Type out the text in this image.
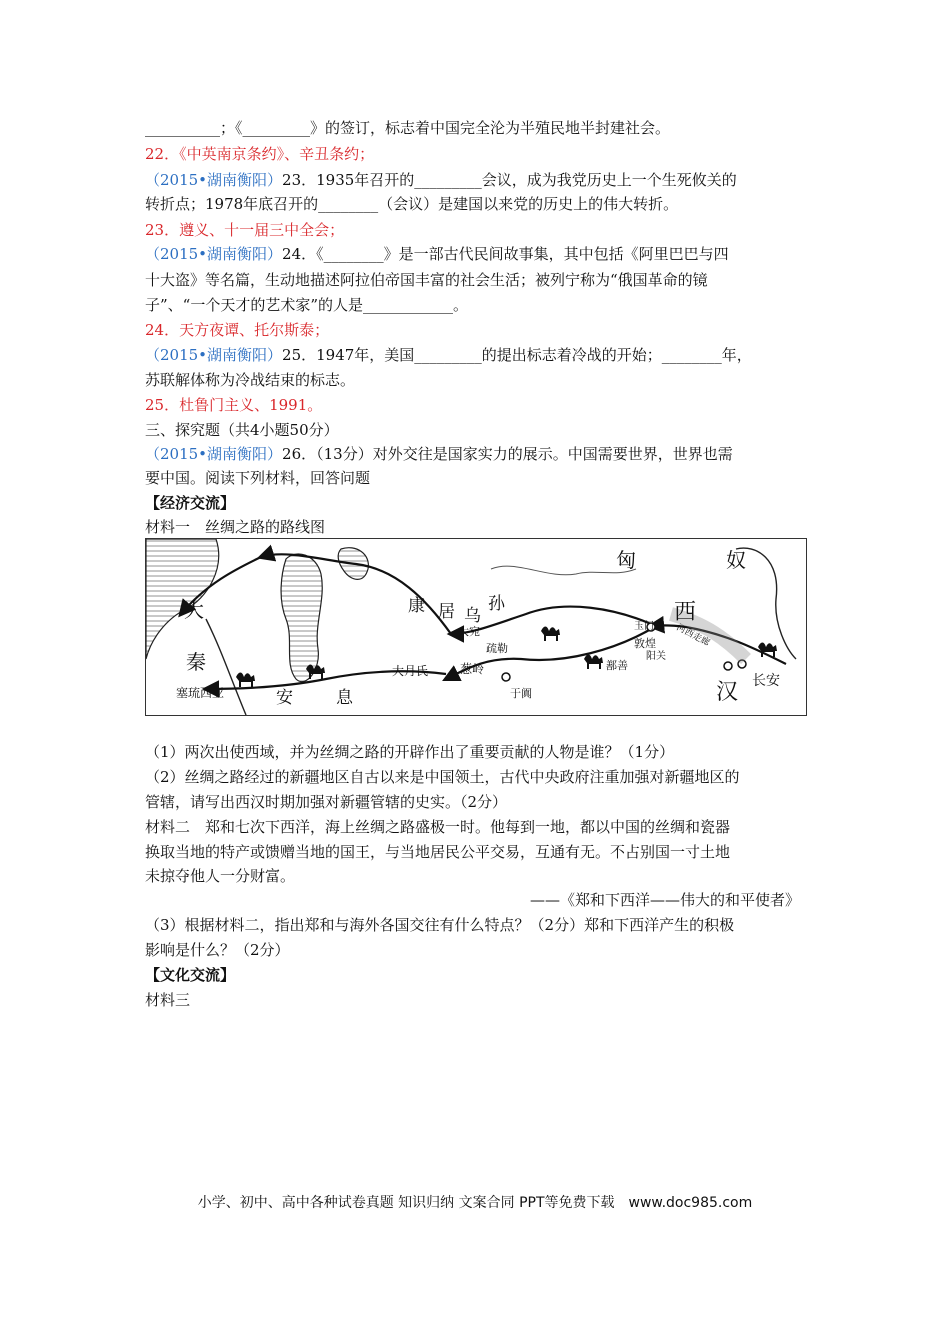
__________；《_________》的签订，标志着中国完全沦为半殖民地半封建社会。
22．《中英南京条约》、辛丑条约；
（2015•湖南衡阳）23．1935年召开的_________会议，成为我党历史上一个生死攸关的
转折点；1978年底召开的________（会议）是建国以来党的历史上的伟大转折。
23．遵义、十一届三中全会；
（2015•湖南衡阳）24．《________》是一部古代民间故事集，其中包括《阿里巴巴与四
十大盗》等名篇，生动地描述阿拉伯帝国丰富的社会生活；被列宁称为“俄国革命的镜
子”、“一个天才的艺术家”的人是____________。
24．天方夜谭、托尔斯泰；
（2015•湖南衡阳）25．1947年，美国_________的提出标志着冷战的开始；________年，
苏联解体称为冷战结束的标志。
25．杜鲁门主义、1991。
三、探究题（共4小题50分）
（2015•湖南衡阳）26．（13分）对外交往是国家实力的展示。中国需要世界，世界也需
要中国。阅读下列材料，回答问题
【经济交流】
材料一　丝绸之路的路线图
匈	奴
大
秦
康 居 乌
孙
大宛
疏勒
大月氏	葱岭
于阗
鄯善
玉门关
敦煌
阳关
河西走廊
西
汉 长安
安	息
塞琉西亚
（1）两次出使西域，并为丝绸之路的开辟作出了重要贡献的人物是谁？（1分）
（2）丝绸之路经过的新疆地区自古以来是中国领土，古代中央政府注重加强对新疆地区的
管辖，请写出西汉时期加强对新疆管辖的史实。（2分）
材料二　郑和七次下西洋，海上丝绸之路盛极一时。他每到一地，都以中国的丝绸和瓷器
换取当地的特产或馈赠当地的国王，与当地居民公平交易，互通有无。不占别国一寸土地
未掠夺他人一分财富。
——《郑和下西洋——伟大的和平使者》
（3）根据材料二，指出郑和与海外各国交往有什么特点？（2分）郑和下西洋产生的积极
影响是什么？（2分）
【文化交流】
材料三
小学、初中、高中各种试卷真题 知识归纳 文案合同 PPT等免费下载　www.doc985.com
